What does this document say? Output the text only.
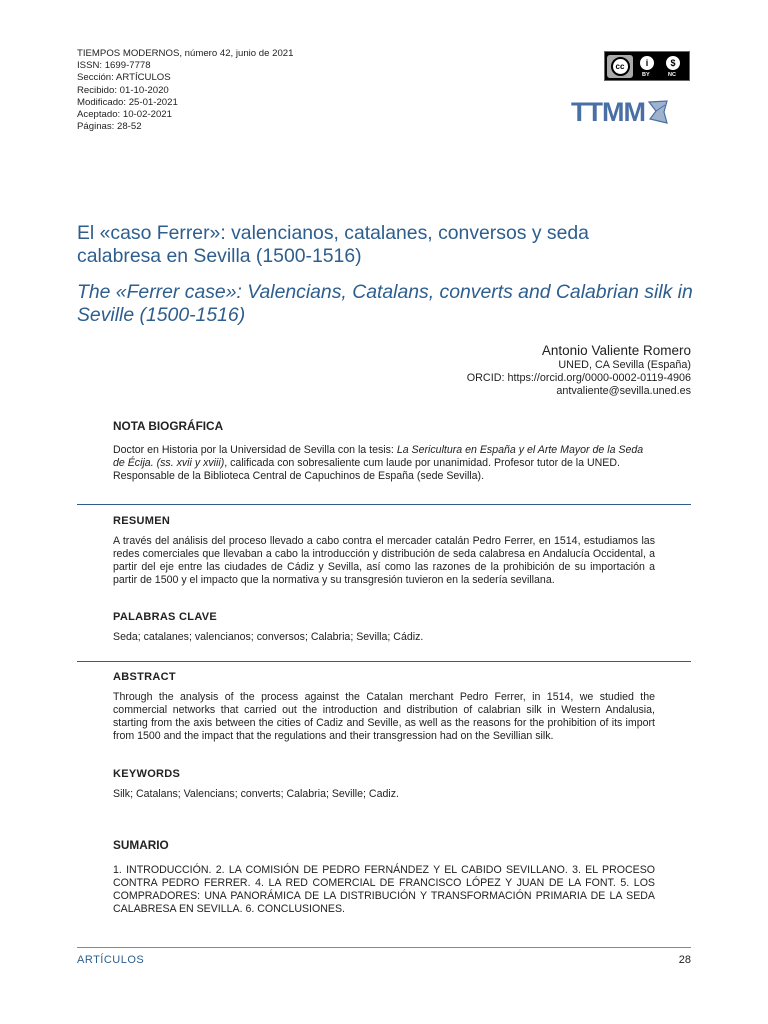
TIEMPOS MODERNOS, número 42, junio de 2021
ISSN: 1699-7778
Sección: ARTÍCULOS
Recibido: 01-10-2020
Modificado: 25-01-2021
Aceptado: 10-02-2021
Páginas: 28-52
cc	i	$
BY	NC
TTMM
El «caso Ferrer»: valencianos, catalanes, conversos y seda calabresa en Sevilla (1500-1516)
The «Ferrer case»: Valencians, Catalans, converts and Calabrian silk in Seville (1500-1516)
Antonio Valiente Romero
UNED, CA Sevilla (España)
ORCID: https://orcid.org/0000-0002-0119-4906
antvaliente@sevilla.uned.es
NOTA BIOGRÁFICA
Doctor en Historia por la Universidad de Sevilla con la tesis: La Sericultura en España y el Arte Mayor de la Seda de Écija. (ss. xvii y xviii), calificada con sobresaliente cum laude por unanimidad. Profesor tutor de la UNED. Responsable de la Biblioteca Central de Capuchinos de España (sede Sevilla).
RESUMEN
A través del análisis del proceso llevado a cabo contra el mercader catalán Pedro Ferrer, en 1514, estudiamos las redes comerciales que llevaban a cabo la introducción y distribución de seda calabresa en Andalucía Occidental, a partir del eje entre las ciudades de Cádiz y Sevilla, así como las razones de la prohibición de su importación a partir de 1500 y el impacto que la normativa y su transgresión tuvieron en la sedería sevillana.
PALABRAS CLAVE
Seda; catalanes; valencianos; conversos; Calabria; Sevilla; Cádiz.
ABSTRACT
Through the analysis of the process against the Catalan merchant Pedro Ferrer, in 1514, we studied the commercial networks that carried out the introduction and distribution of calabrian silk in Western Andalusia, starting from the axis between the cities of Cadiz and Seville, as well as the reasons for the prohibition of its import from 1500 and the impact that the regulations and their transgression had on the Sevillian silk.
KEYWORDS
Silk; Catalans; Valencians; converts; Calabria; Seville; Cadiz.
SUMARIO
1. INTRODUCCIÓN. 2. LA COMISIÓN DE PEDRO FERNÁNDEZ Y EL CABIDO SEVILLANO. 3. EL PROCESO CONTRA PEDRO FERRER. 4. LA RED COMERCIAL DE FRANCISCO LÓPEZ Y JUAN DE LA FONT. 5. LOS COMPRADORES: UNA PANORÁMICA DE LA DISTRIBUCIÓN Y TRANSFORMACIÓN PRIMARIA DE LA SEDA CALABRESA EN SEVILLA. 6. CONCLUSIONES.
ARTÍCULOS	28
